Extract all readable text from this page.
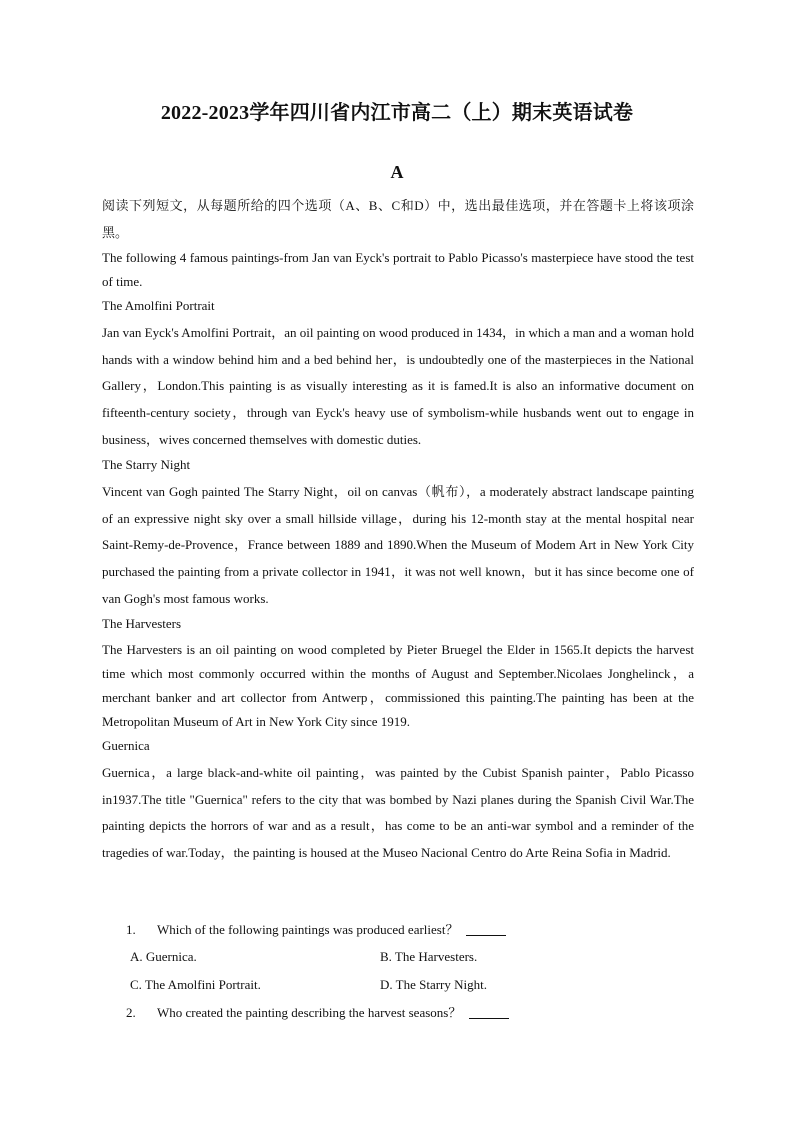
2022-2023学年四川省内江市高二（上）期末英语试卷
A

阅读下列短文，从每题所给的四个选项（A、B、C和D）中，选出最佳选项，并在答题卡上将该项涂黑。

The following 4 famous paintings-from Jan van Eyck's portrait to Pablo Picasso's masterpiece have stood the test of time.

The Amolfini Portrait

Jan van Eyck's Amolfini Portrait，an oil painting on wood produced in 1434，in which a man and a woman hold hands with a window behind him and a bed behind her，is undoubtedly one of the masterpieces in the National Gallery，London.This painting is as visually interesting as it is famed.It is also an informative document on fifteenth-century society，through van Eyck's heavy use of symbolism-while husbands went out to engage in business，wives concerned themselves with domestic duties.

The Starry Night

Vincent van Gogh painted The Starry Night，oil on canvas（帆布），a moderately abstract landscape painting of an expressive night sky over a small hillside village，during his 12-month stay at the mental hospital near Saint-Remy-de-Provence，France between 1889 and 1890.When the Museum of Modem Art in New York City purchased the painting from a private collector in 1941，it was not well known，but it has since become one of van Gogh's most famous works.

The Harvesters

The Harvesters is an oil painting on wood completed by Pieter Bruegel the Elder in 1565.It depicts the harvest time which most commonly occurred within the months of August and September.Nicolaes Jonghelinck，a merchant banker and art collector from Antwerp，commissioned this painting.The painting has been at the Metropolitan Museum of Art in New York City since 1919.

Guernica

Guernica，a large black-and-white oil painting，was painted by the Cubist Spanish painter，Pablo Picasso in1937.The title "Guernica" refers to the city that was bombed by Nazi planes during the Spanish Civil War.The painting depicts the horrors of war and as a result，has come to be an anti-war symbol and a reminder of the tragedies of war.Today，the painting is housed at the Museo Nacional Centro do Arte Reina Sofia in Madrid.

1. Which of the following paintings was produced earliest？
A. Guernica.	B. The Harvesters.
C. The Amolfini Portrait.	D. The Starry Night.
2. Who created the painting describing the harvest seasons？
